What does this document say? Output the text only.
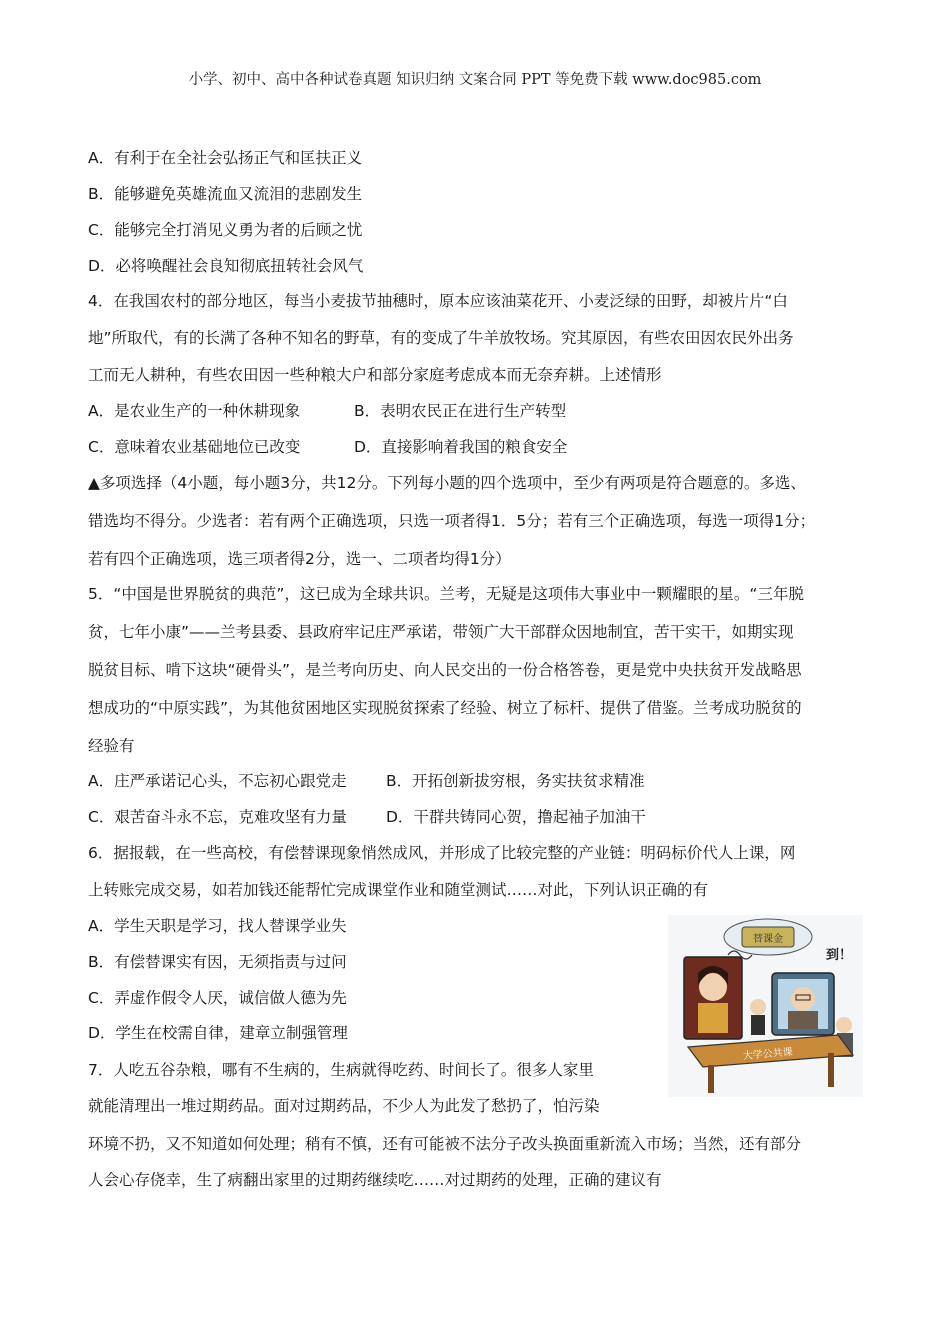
小学、初中、高中各种试卷真题 知识归纳 文案合同 PPT 等免费下载 www.doc985.com
A．有利于在全社会弘扬正气和匡扶正义
B．能够避免英雄流血又流泪的悲剧发生
C．能够完全打消见义勇为者的后顾之忧
D．必将唤醒社会良知彻底扭转社会风气
4．在我国农村的部分地区，每当小麦拔节抽穗时，原本应该油菜花开、小麦泛绿的田野，却被片片“白
地”所取代，有的长满了各种不知名的野草，有的变成了牛羊放牧场。究其原因，有些农田因农民外出务
工而无人耕种，有些农田因一些种粮大户和部分家庭考虑成本而无奈弃耕。上述情形
A．是农业生产的一种休耕现象	B．表明农民正在进行生产转型
C．意味着农业基础地位已改变	D．直接影响着我国的粮食安全
▲多项选择（4小题，每小题3分，共12分。下列每小题的四个选项中，至少有两项是符合题意的。多选、
错选均不得分。少选者：若有两个正确选项，只选一项者得1．5分；若有三个正确选项，每选一项得1分；
若有四个正确选项，选三项者得2分，选一、二项者均得1分）
5．“中国是世界脱贫的典范”，这已成为全球共识。兰考，无疑是这项伟大事业中一颗耀眼的星。“三年脱
贫，七年小康”——兰考县委、县政府牢记庄严承诺，带领广大干部群众因地制宜，苦干实干，如期实现
脱贫目标、啃下这块“硬骨头”，是兰考向历史、向人民交出的一份合格答卷，更是党中央扶贫开发战略思
想成功的“中原实践”，为其他贫困地区实现脱贫探索了经验、树立了标杆、提供了借鉴。兰考成功脱贫的
经验有
A．庄严承诺记心头，不忘初心跟党走	B．开拓创新拔穷根，务实扶贫求精准
C．艰苦奋斗永不忘，克难攻坚有力量	D．干群共铸同心贺，撸起袖子加油干
6．据报载，在一些高校，有偿替课现象悄然成风，并形成了比较完整的产业链：明码标价代人上课，网
上转账完成交易，如若加钱还能帮忙完成课堂作业和随堂测试……对此，下列认识正确的有
A．学生天职是学习，找人替课学业失
B．有偿替课实有因，无须指责与过问
C．弄虚作假令人厌，诚信做人德为先
D．学生在校需自律，建章立制强管理
7．人吃五谷杂粮，哪有不生病的，生病就得吃药、时间长了。很多人家里
就能清理出一堆过期药品。面对过期药品，不少人为此发了愁扔了，怕污染
环境不扔，又不知道如何处理；稍有不慎，还有可能被不法分子改头换面重新流入市场；当然，还有部分
人会心存侥幸，生了病翻出家里的过期药继续吃……对过期药的处理，正确的建议有
替课金
到！
大学公共课
